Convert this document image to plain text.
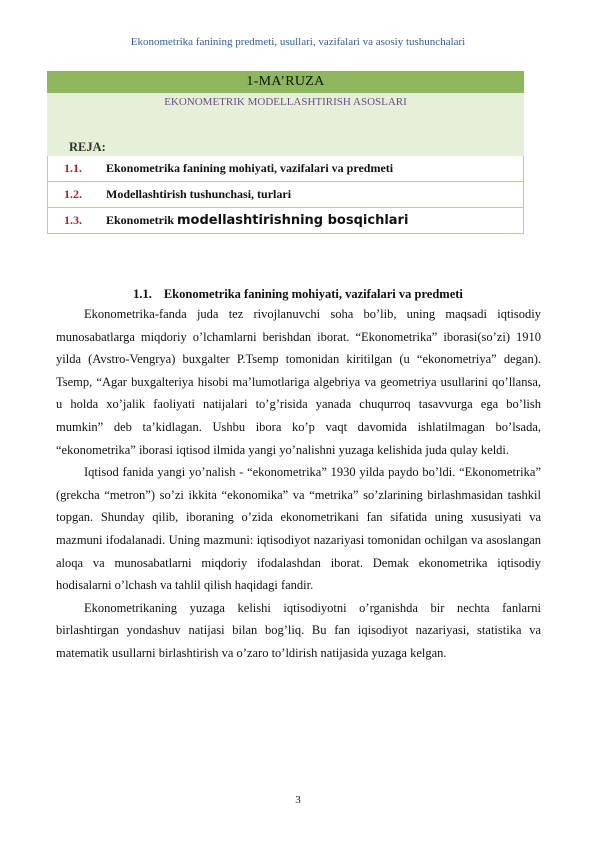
Ekonometrika fanining predmeti, usullari, vazifalari va asosiy tushunchalari
1-MA’RUZA
EKONOMETRIK MODELLASHTIRISH ASOSLARI
REJA:
1.1.	Ekonometrika fanining mohiyati, vazifalari va predmeti
1.2.	Modellashtirish tushunchasi, turlari
1.3.	Ekonometrik modellashtirishning bosqichlari
1.1. Ekonometrika fanining mohiyati, vazifalari va predmeti

Ekonometrika-fanda juda tez rivojlanuvchi soha bo’lib, uning maqsadi iqtisodiy munosabatlarga miqdoriy o’lchamlarni berishdan iborat. “Ekonometrika” iborasi(so’zi) 1910 yilda (Avstro-Vengrya) buxgalter P.Tsemp tomonidan kiritilgan (u “ekonometriya” degan). Tsemp, “Agar buxgalteriya hisobi ma’lumotlariga algebriya va geometriya usullarini qo’llansa, u holda xo’jalik faoliyati natijalari to’g’risida yanada chuqurroq tasavvurga ega bo’lish mumkin” deb ta’kidlagan. Ushbu ibora ko’p vaqt davomida ishlatilmagan bo’lsada, “ekonometrika” iborasi iqtisod ilmida yangi yo’nalishni yuzaga kelishida juda qulay keldi.

Iqtisod fanida yangi yo’nalish - “ekonometrika” 1930 yilda paydo bo’ldi. “Ekonometrika” (grekcha “metron”) so’zi ikkita “ekonomika” va “metrika” so’zlarining birlashmasidan tashkil topgan. Shunday qilib, iboraning o’zida ekonometrikani fan sifatida uning xususiyati va mazmuni ifodalanadi. Uning mazmuni: iqtisodiyot nazariyasi tomonidan ochilgan va asoslangan aloqa va munosabatlarni miqdoriy ifodalashdan iborat. Demak ekonometrika iqtisodiy hodisalarni o’lchash va tahlil qilish haqidagi fandir.

Ekonometrikaning yuzaga kelishi iqtisodiyotni o’rganishda bir nechta fanlarni birlashtirgan yondashuv natijasi bilan bog’liq. Bu fan iqisodiyot nazariyasi, statistika va matematik usullarni birlashtirish va o’zaro to’ldirish natijasida yuzaga kelgan.

3
